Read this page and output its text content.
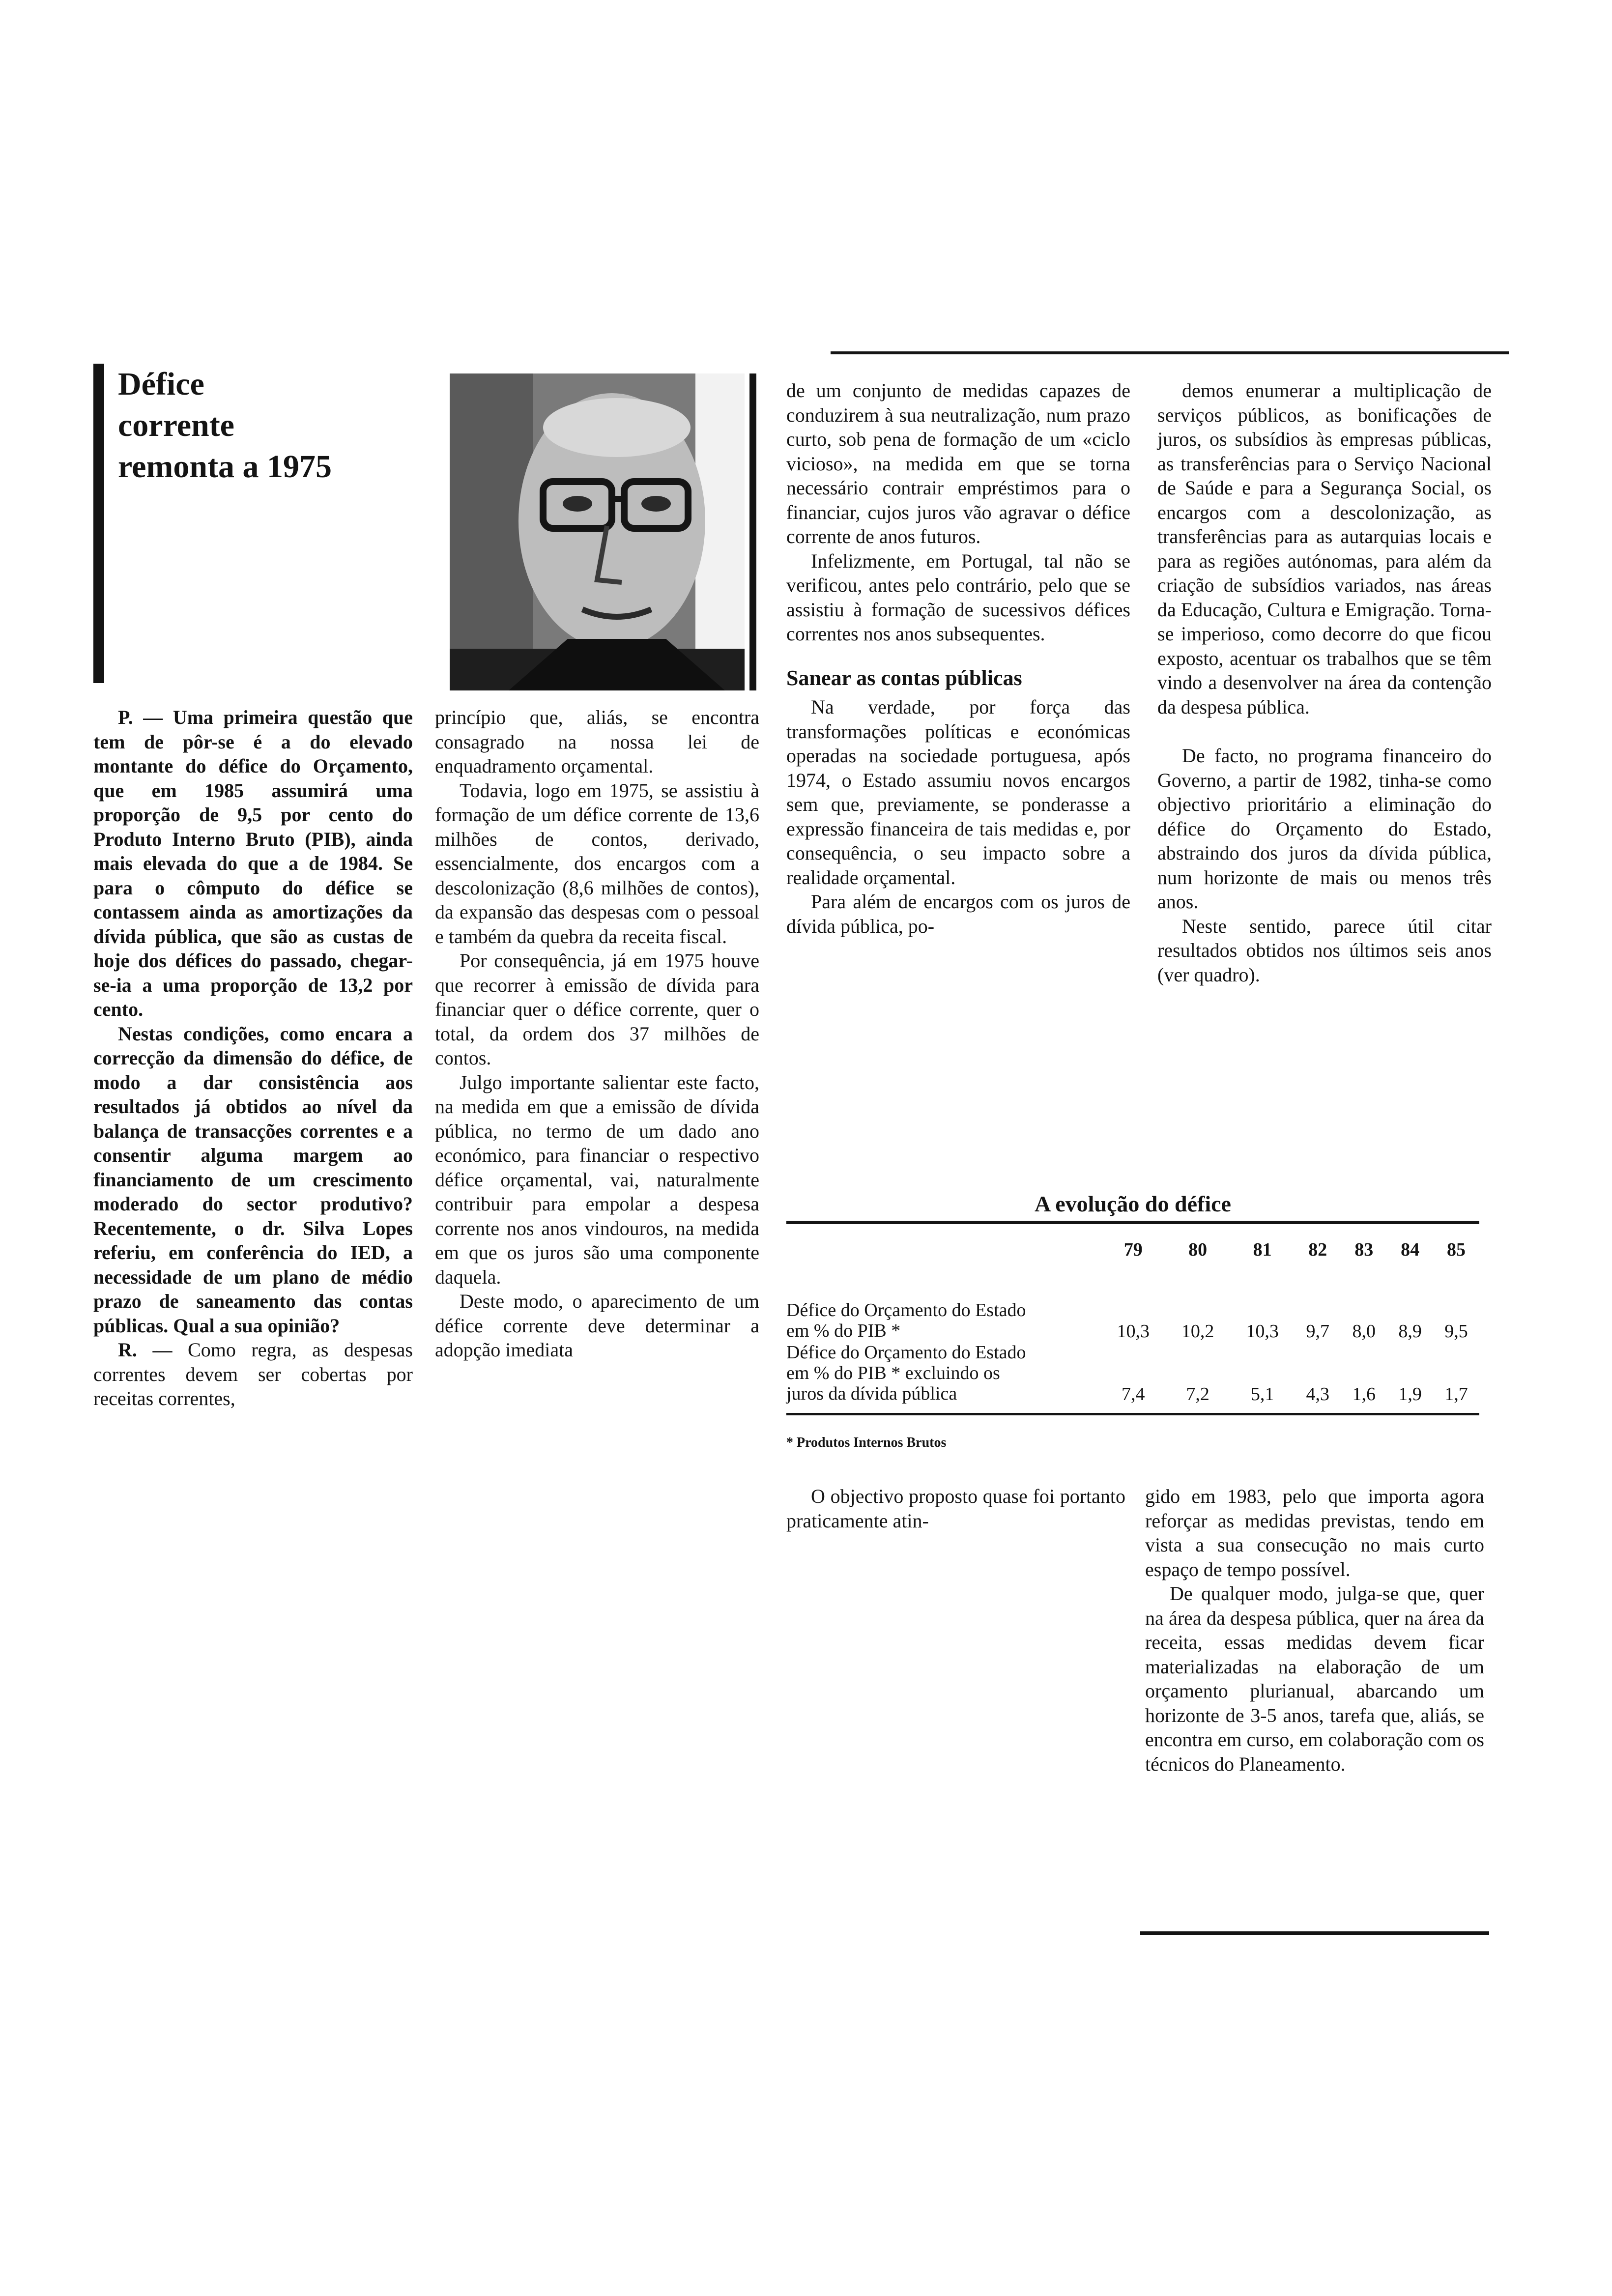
Défice
corrente
remonta a 1975

P. — Uma primeira questão que tem de pôr-se é a do elevado montante do défice do Orçamento, que em 1985 assumirá uma proporção de 9,5 por cento do Produto Interno Bruto (PIB), ainda mais elevada do que a de 1984. Se para o cômputo do défice se contassem ainda as amortizações da dívida pública, que são as custas de hoje dos défices do passado, chegar-se-ia a uma proporção de 13,2 por cento.

Nestas condições, como encara a correcção da dimensão do défice, de modo a dar consistência aos resultados já obtidos ao nível da balança de transacções correntes e a consentir alguma margem ao financiamento de um crescimento moderado do sector produtivo? Recentemente, o dr. Silva Lopes referiu, em conferência do IED, a necessidade de um plano de médio prazo de saneamento das contas públicas. Qual a sua opinião?

R. — Como regra, as despesas correntes devem ser cobertas por receitas correntes,

princípio que, aliás, se encontra consagrado na nossa lei de enquadramento orçamental.

Todavia, logo em 1975, se assistiu à formação de um défice corrente de 13,6 milhões de contos, derivado, essencialmente, dos encargos com a descolonização (8,6 milhões de contos), da expansão das despesas com o pessoal e também da quebra da receita fiscal.

Por consequência, já em 1975 houve que recorrer à emissão de dívida para financiar quer o défice corrente, quer o total, da ordem dos 37 milhões de contos.

Julgo importante salientar este facto, na medida em que a emissão de dívida pública, no termo de um dado ano económico, para financiar o respectivo défice orçamental, vai, naturalmente contribuir para empolar a despesa corrente nos anos vindouros, na medida em que os juros são uma componente daquela.

Deste modo, o aparecimento de um défice corrente deve determinar a adopção imediata

de um conjunto de medidas capazes de conduzirem à sua neutralização, num prazo curto, sob pena de formação de um «ciclo vicioso», na medida em que se torna necessário contrair empréstimos para o financiar, cujos juros vão agravar o défice corrente de anos futuros.

Infelizmente, em Portugal, tal não se verificou, antes pelo contrário, pelo que se assistiu à formação de sucessivos défices correntes nos anos subsequentes.

Sanear as contas públicas

Na verdade, por força das transformações políticas e económicas operadas na sociedade portuguesa, após 1974, o Estado assumiu novos encargos sem que, previamente, se ponderasse a expressão financeira de tais medidas e, por consequência, o seu impacto sobre a realidade orçamental.

Para além de encargos com os juros de dívida pública, po-

demos enumerar a multiplicação de serviços públicos, as bonificações de juros, os subsídios às empresas públicas, as transferências para o Serviço Nacional de Saúde e para a Segurança Social, os encargos com a descolonização, as transferências para as autarquias locais e para as regiões autónomas, para além da criação de subsídios variados, nas áreas da Educação, Cultura e Emigração. Torna-se imperioso, como decorre do que ficou exposto, acentuar os trabalhos que se têm vindo a desenvolver na área da contenção da despesa pública.

De facto, no programa financeiro do Governo, a partir de 1982, tinha-se como objectivo prioritário a eliminação do défice do Orçamento do Estado, abstraindo dos juros da dívida pública, num horizonte de mais ou menos três anos.

Neste sentido, parece útil citar resultados obtidos nos últimos seis anos (ver quadro).

A evolução do défice
	79	80	81	82	83	84	85

Défice do Orçamento do Estado
em % do PIB *	10,3	10,2	10,3	9,7	8,0	8,9	9,5

Défice do Orçamento do Estado
em % do PIB * excluindo os
juros da dívida pública	7,4	7,2	5,1	4,3	1,6	1,9	1,7
* Produtos Internos Brutos

O objectivo proposto quase foi portanto praticamente atin-

gido em 1983, pelo que importa agora reforçar as medidas previstas, tendo em vista a sua consecução no mais curto espaço de tempo possível.

De qualquer modo, julga-se que, quer na área da despesa pública, quer na área da receita, essas medidas devem ficar materializadas na elaboração de um orçamento plurianual, abarcando um horizonte de 3-5 anos, tarefa que, aliás, se encontra em curso, em colaboração com os técnicos do Planeamento.
